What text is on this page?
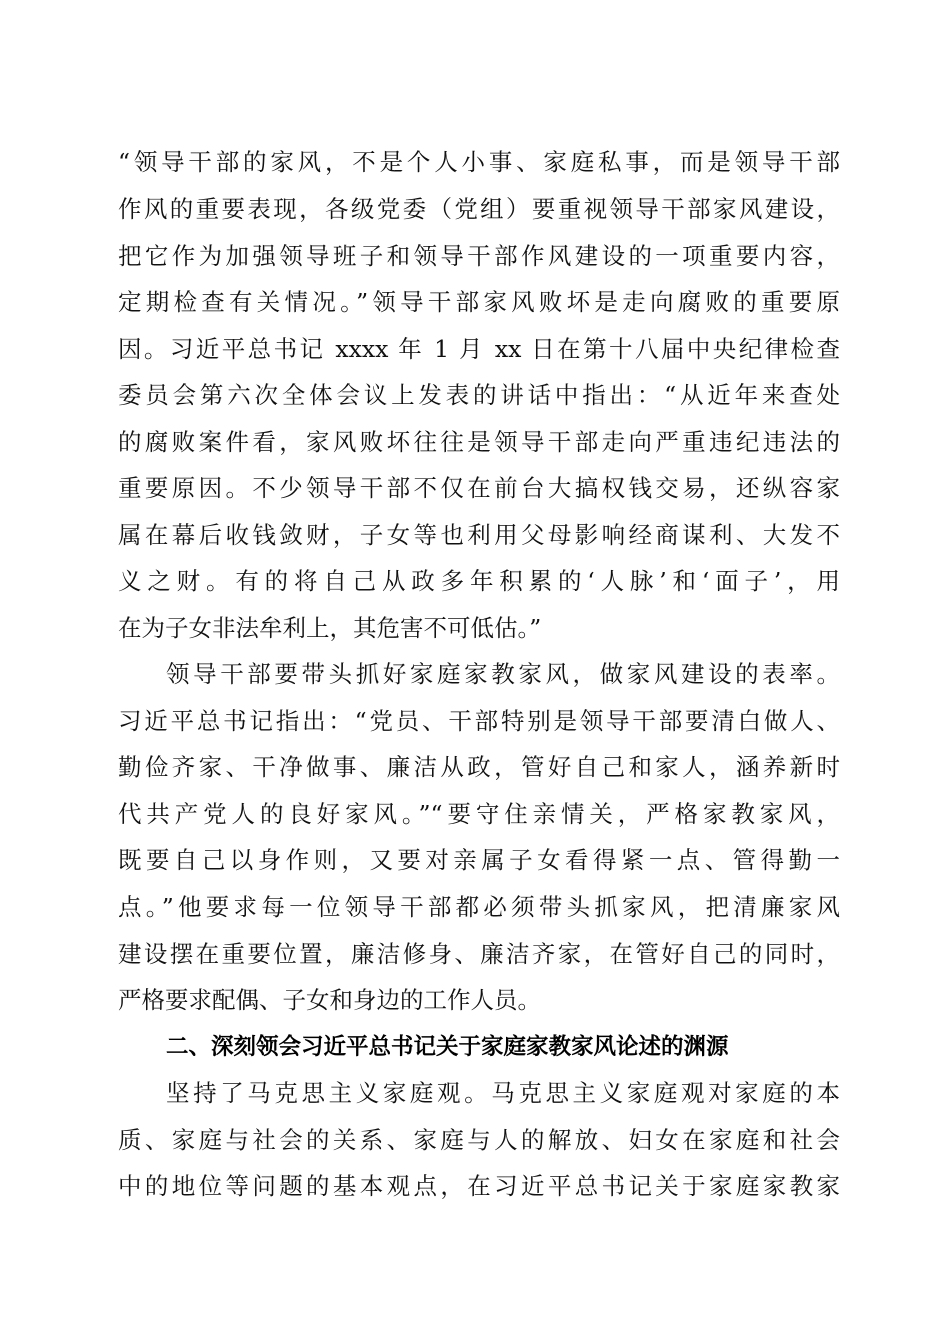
“领导干部的家风，不是个人小事、家庭私事，而是领导干部
作风的重要表现，各级党委（党组）要重视领导干部家风建设，
把它作为加强领导班子和领导干部作风建设的一项重要内容，
定期检查有关情况。”领导干部家风败坏是走向腐败的重要原
因。习近平总书记 xxxx 年 1 月 xx 日在第十八届中央纪律检查
委员会第六次全体会议上发表的讲话中指出：“从近年来查处
的腐败案件看，家风败坏往往是领导干部走向严重违纪违法的
重要原因。不少领导干部不仅在前台大搞权钱交易，还纵容家
属在幕后收钱敛财，子女等也利用父母影响经商谋利、大发不
义之财。有的将自己从政多年积累的‘人脉’和‘面子’，用
在为子女非法牟利上，其危害不可低估。”
领导干部要带头抓好家庭家教家风，做家风建设的表率。
习近平总书记指出：“党员、干部特别是领导干部要清白做人、
勤俭齐家、干净做事、廉洁从政，管好自己和家人，涵养新时
代共产党人的良好家风。”“要守住亲情关，严格家教家风，
既要自己以身作则，又要对亲属子女看得紧一点、管得勤一
点。”他要求每一位领导干部都必须带头抓家风，把清廉家风
建设摆在重要位置，廉洁修身、廉洁齐家，在管好自己的同时，
严格要求配偶、子女和身边的工作人员。
二、深刻领会习近平总书记关于家庭家教家风论述的渊源
坚持了马克思主义家庭观。马克思主义家庭观对家庭的本
质、家庭与社会的关系、家庭与人的解放、妇女在家庭和社会
中的地位等问题的基本观点，在习近平总书记关于家庭家教家
